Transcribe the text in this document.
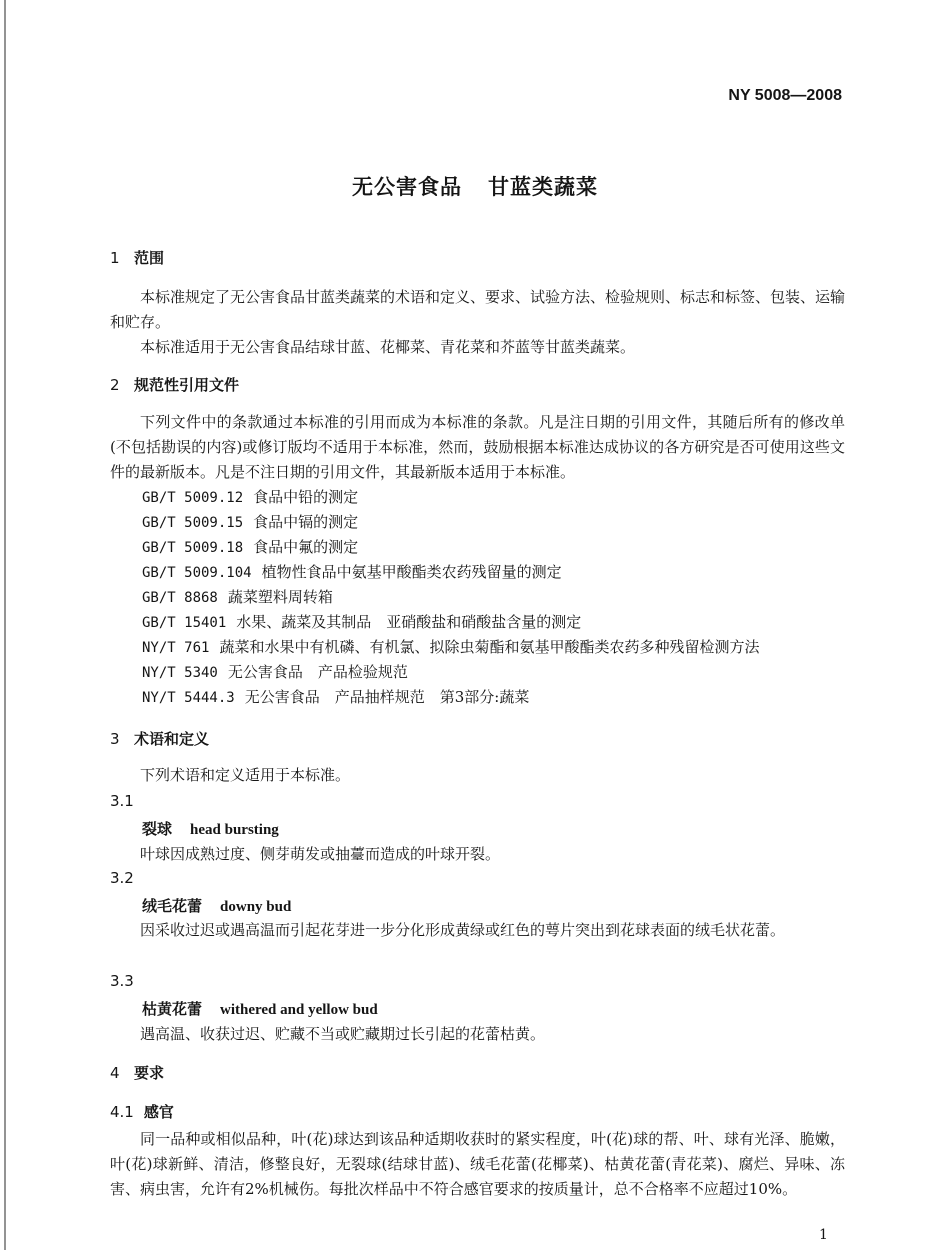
NY 5008—2008
无公害食品 甘蓝类蔬菜
1 范围
本标准规定了无公害食品甘蓝类蔬菜的术语和定义、要求、试验方法、检验规则、标志和标签、包装、运输和贮存。
本标准适用于无公害食品结球甘蓝、花椰菜、青花菜和芥蓝等甘蓝类蔬菜。
2 规范性引用文件
下列文件中的条款通过本标准的引用而成为本标准的条款。凡是注日期的引用文件，其随后所有的修改单(不包括勘误的内容)或修订版均不适用于本标准，然而，鼓励根据本标准达成协议的各方研究是否可使用这些文件的最新版本。凡是不注日期的引用文件，其最新版本适用于本标准。
GB/T 5009.12 食品中铅的测定
GB/T 5009.15 食品中镉的测定
GB/T 5009.18 食品中氟的测定
GB/T 5009.104 植物性食品中氨基甲酸酯类农药残留量的测定
GB/T 8868 蔬菜塑料周转箱
GB/T 15401 水果、蔬菜及其制品　亚硝酸盐和硝酸盐含量的测定
NY/T 761 蔬菜和水果中有机磷、有机氯、拟除虫菊酯和氨基甲酸酯类农药多种残留检测方法
NY/T 5340 无公害食品　产品检验规范
NY/T 5444.3 无公害食品　产品抽样规范　第3部分:蔬菜
3 术语和定义
下列术语和定义适用于本标准。
3.1
裂球 head bursting
叶球因成熟过度、侧芽萌发或抽薹而造成的叶球开裂。
3.2
绒毛花蕾 downy bud
因采收过迟或遇高温而引起花芽进一步分化形成黄绿或红色的萼片突出到花球表面的绒毛状花蕾。
3.3
枯黄花蕾 withered and yellow bud
遇高温、收获过迟、贮藏不当或贮藏期过长引起的花蕾枯黄。
4 要求
4.1 感官
同一品种或相似品种，叶(花)球达到该品种适期收获时的紧实程度，叶(花)球的帮、叶、球有光泽、脆嫩，叶(花)球新鲜、清洁，修整良好，无裂球(结球甘蓝)、绒毛花蕾(花椰菜)、枯黄花蕾(青花菜)、腐烂、异味、冻害、病虫害，允许有2%机械伤。每批次样品中不符合感官要求的按质量计，总不合格率不应超过10%。
1
